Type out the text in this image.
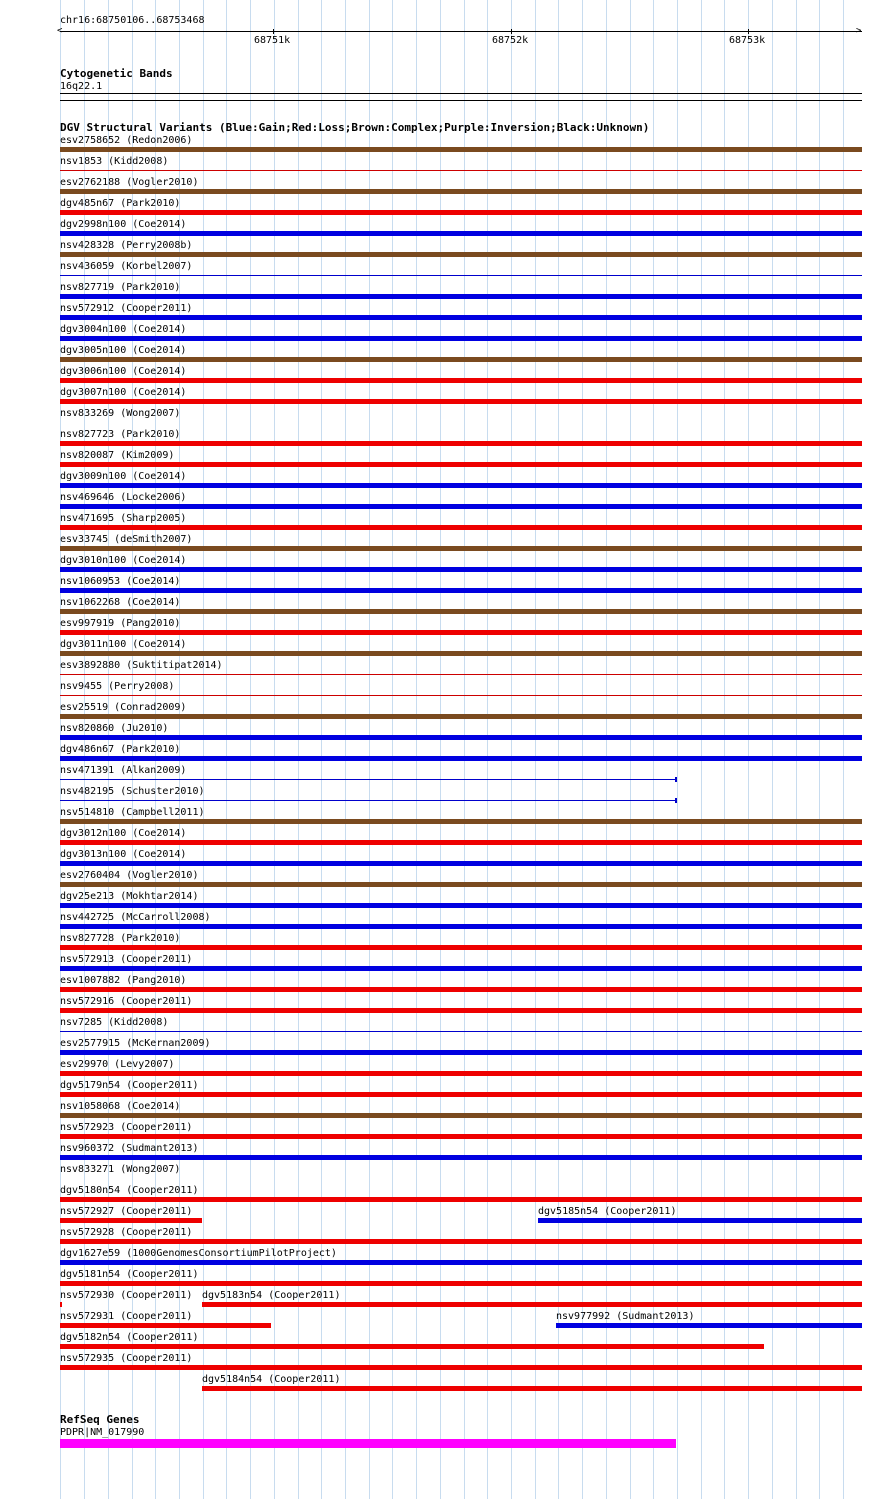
chr16:68750106..68753468
<	>
68751k	68752k	68753k
Cytogenetic Bands
16q22.1
DGV Structural Variants (Blue:Gain;Red:Loss;Brown:Complex;Purple:Inversion;Black:Unknown)
esv2758652 (Redon2006)
nsv1853 (Kidd2008)
esv2762188 (Vogler2010)
dgv485n67 (Park2010)
dgv2998n100 (Coe2014)
nsv428328 (Perry2008b)
nsv436059 (Korbel2007)
nsv827719 (Park2010)
nsv572912 (Cooper2011)
dgv3004n100 (Coe2014)
dgv3005n100 (Coe2014)
dgv3006n100 (Coe2014)
dgv3007n100 (Coe2014)
nsv833269 (Wong2007)
nsv827723 (Park2010)
nsv820087 (Kim2009)
dgv3009n100 (Coe2014)
nsv469646 (Locke2006)
nsv471695 (Sharp2005)
esv33745 (deSmith2007)
dgv3010n100 (Coe2014)
nsv1060953 (Coe2014)
nsv1062268 (Coe2014)
esv997919 (Pang2010)
dgv3011n100 (Coe2014)
esv3892880 (Suktitipat2014)
nsv9455 (Perry2008)
esv25519 (Conrad2009)
nsv820860 (Ju2010)
dgv486n67 (Park2010)
nsv471391 (Alkan2009)
nsv482195 (Schuster2010)
nsv514810 (Campbell2011)
dgv3012n100 (Coe2014)
dgv3013n100 (Coe2014)
esv2760404 (Vogler2010)
dgv25e213 (Mokhtar2014)
nsv442725 (McCarroll2008)
nsv827728 (Park2010)
nsv572913 (Cooper2011)
esv1007882 (Pang2010)
nsv572916 (Cooper2011)
nsv7285 (Kidd2008)
esv2577915 (McKernan2009)
esv29970 (Levy2007)
dgv5179n54 (Cooper2011)
nsv1058068 (Coe2014)
nsv572923 (Cooper2011)
nsv960372 (Sudmant2013)
nsv833271 (Wong2007)
dgv5180n54 (Cooper2011)
nsv572927 (Cooper2011)	dgv5185n54 (Cooper2011)
nsv572928 (Cooper2011)
dgv1627e59 (1000GenomesConsortiumPilotProject)
dgv5181n54 (Cooper2011)
nsv572930 (Cooper2011) dgv5183n54 (Cooper2011)
nsv572931 (Cooper2011)	nsv977992 (Sudmant2013)
dgv5182n54 (Cooper2011)
nsv572935 (Cooper2011)
dgv5184n54 (Cooper2011)
RefSeq Genes
PDPR|NM_017990
